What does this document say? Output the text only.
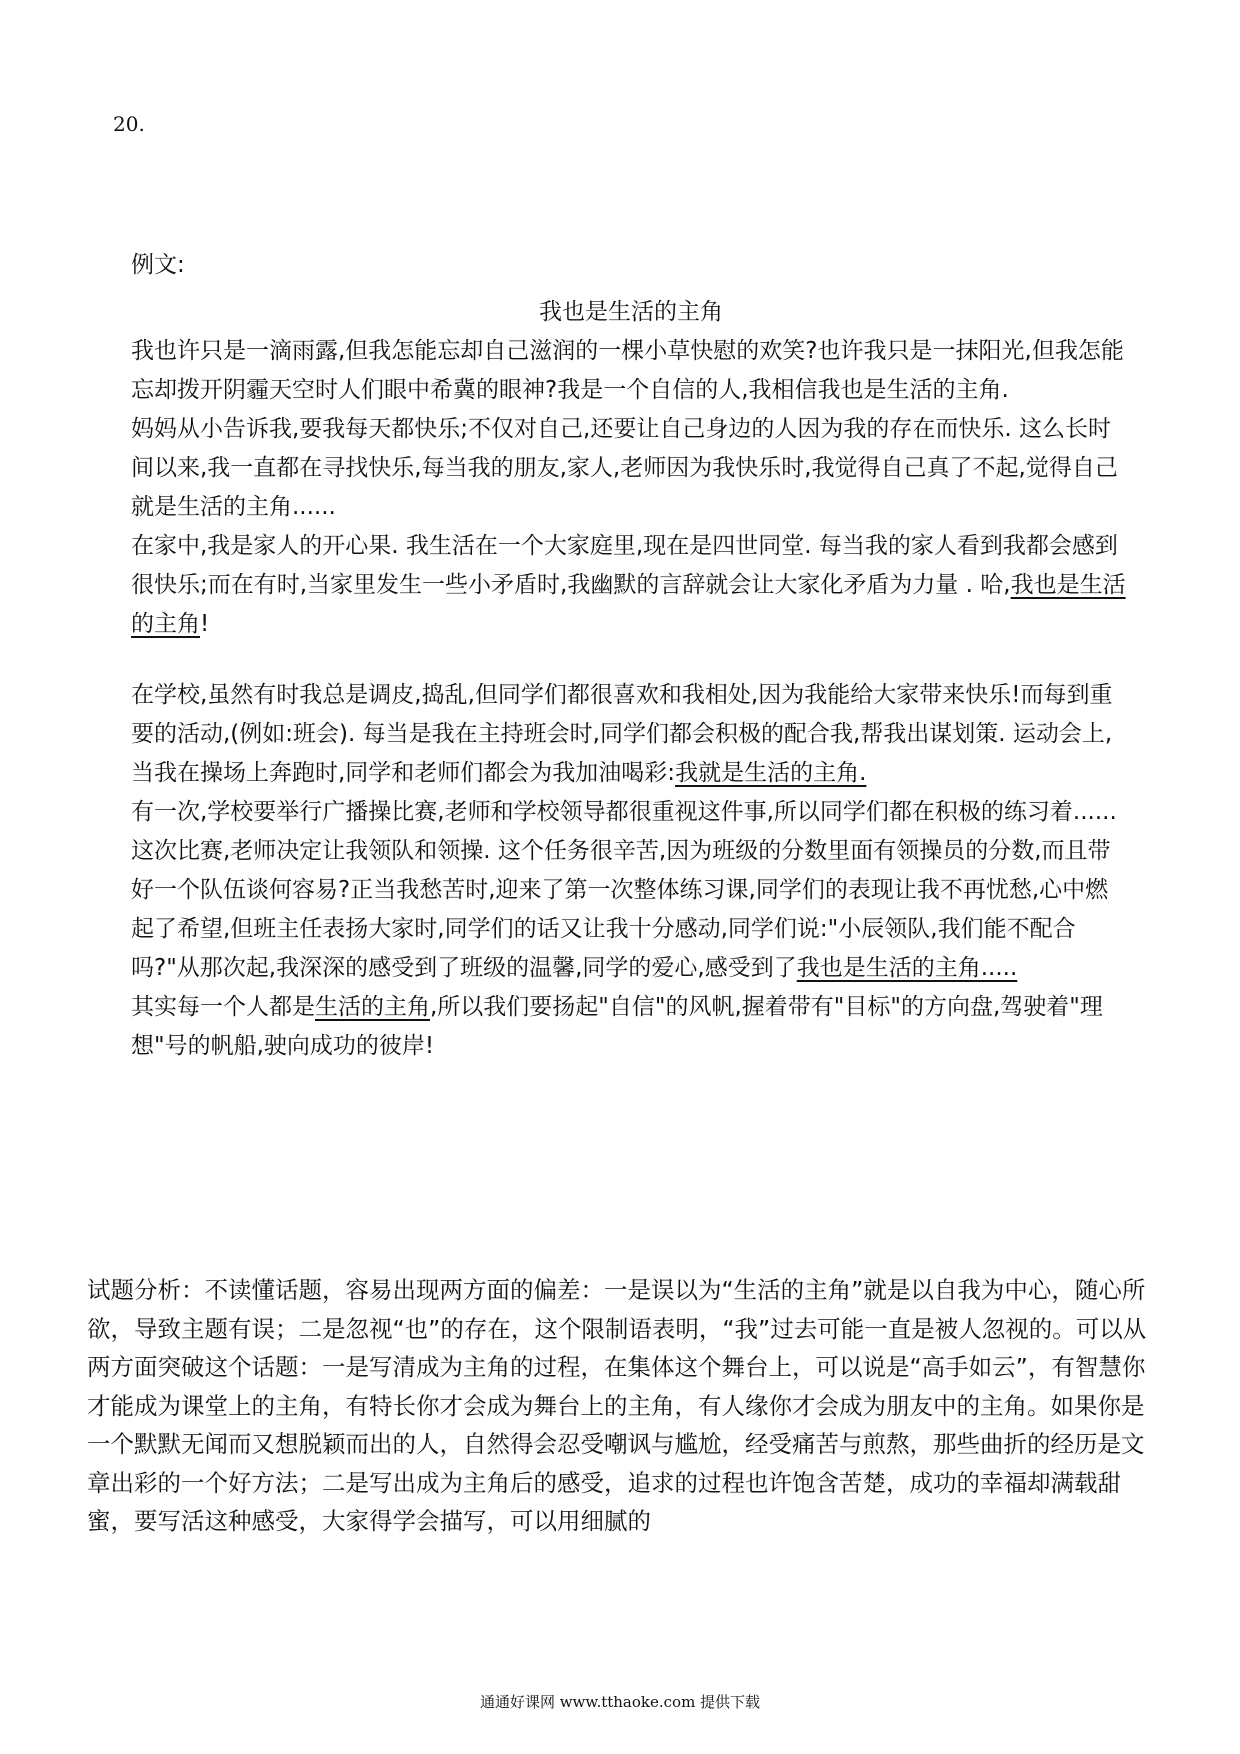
20.

例文:

我也是生活的主角

我也许只是一滴雨露,但我怎能忘却自己滋润的一棵小草快慰的欢笑?也许我只是一抹阳光,但我怎能忘却拨开阴霾天空时人们眼中希冀的眼神?我是一个自信的人,我相信我也是生活的主角.

妈妈从小告诉我,要我每天都快乐;不仅对自己,还要让自己身边的人因为我的存在而快乐. 这么长时间以来,我一直都在寻找快乐,每当我的朋友,家人,老师因为我快乐时,我觉得自己真了不起,觉得自己就是生活的主角......

在家中,我是家人的开心果. 我生活在一个大家庭里,现在是四世同堂. 每当我的家人看到我都会感到很快乐;而在有时,当家里发生一些小矛盾时,我幽默的言辞就会让大家化矛盾为力量 . 哈,我也是生活的主角!

在学校,虽然有时我总是调皮,捣乱,但同学们都很喜欢和我相处,因为我能给大家带来快乐!而每到重要的活动,(例如:班会). 每当是我在主持班会时,同学们都会积极的配合我,帮我出谋划策. 运动会上,当我在操场上奔跑时,同学和老师们都会为我加油喝彩:我就是生活的主角.

有一次,学校要举行广播操比赛,老师和学校领导都很重视这件事,所以同学们都在积极的练习着...... 这次比赛,老师决定让我领队和领操. 这个任务很辛苦,因为班级的分数里面有领操员的分数,而且带好一个队伍谈何容易?正当我愁苦时,迎来了第一次整体练习课,同学们的表现让我不再忧愁,心中燃起了希望,但班主任表扬大家时,同学们的话又让我十分感动,同学们说:"小辰领队,我们能不配合吗?"从那次起,我深深的感受到了班级的温馨,同学的爱心,感受到了我也是生活的主角.....

其实每一个人都是生活的主角,所以我们要扬起"自信"的风帆,握着带有"目标"的方向盘,驾驶着"理想"号的帆船,驶向成功的彼岸!

试题分析：不读懂话题，容易出现两方面的偏差：一是误以为“生活的主角”就是以自我为中心，随心所欲，导致主题有误；二是忽视“也”的存在，这个限制语表明，“我”过去可能一直是被人忽视的。可以从两方面突破这个话题：一是写清成为主角的过程，在集体这个舞台上，可以说是“高手如云”，有智慧你才能成为课堂上的主角，有特长你才会成为舞台上的主角，有人缘你才会成为朋友中的主角。如果你是一个默默无闻而又想脱颖而出的人，自然得会忍受嘲讽与尴尬，经受痛苦与煎熬，那些曲折的经历是文章出彩的一个好方法；二是写出成为主角后的感受，追求的过程也许饱含苦楚，成功的幸福却满载甜蜜，要写活这种感受，大家得学会描写，可以用细腻的

通通好课网 www.tthaoke.com 提供下载
